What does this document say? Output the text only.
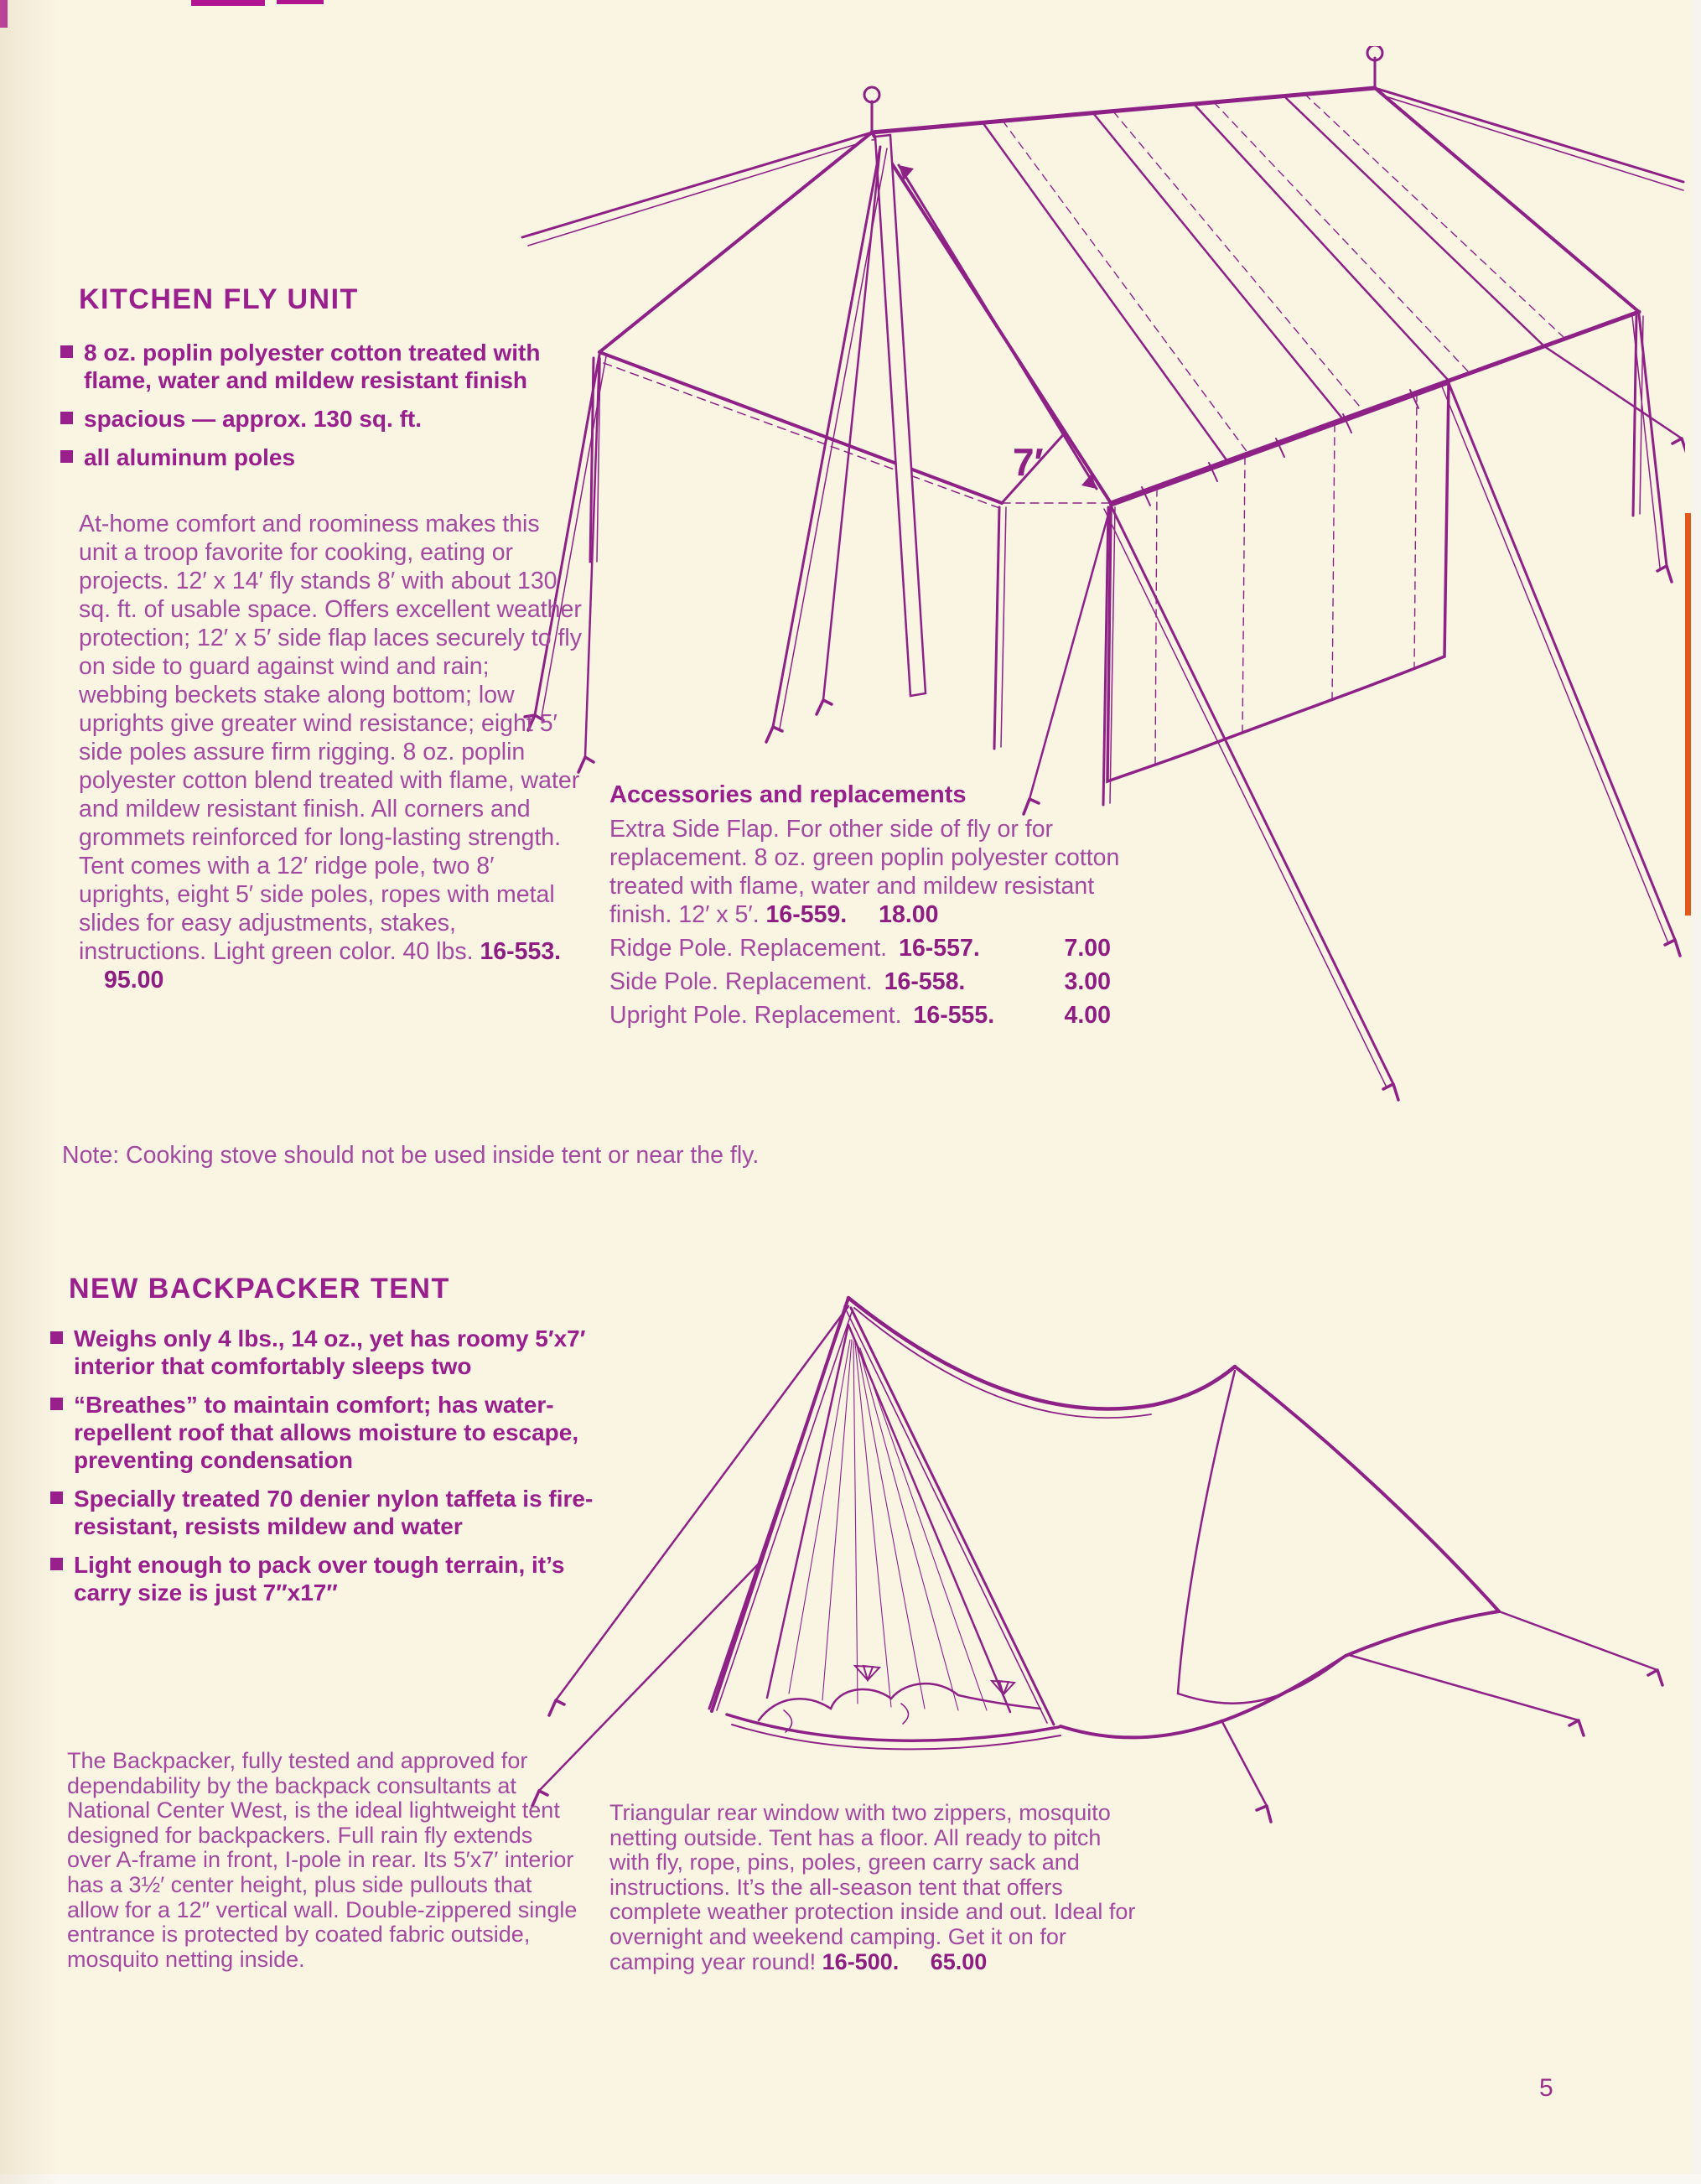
7′
KITCHEN FLY UNIT
8 oz. poplin polyester cotton treated with flame, water and mildew resistant finish
spacious — approx. 130 sq. ft.
all aluminum poles

At-home comfort and roominess makes this unit a troop favorite for cooking, eating or projects. 12′ x 14′ fly stands 8′ with about 130 sq. ft. of usable space. Offers excellent weather protection; 12′ x 5′ side flap laces securely to fly on side to guard against wind and rain; webbing beckets stake along bottom; low uprights give greater wind resistance; eight 5′ side poles assure firm rigging. 8 oz. poplin polyester cotton blend treated with flame, water and mildew resistant finish. All corners and grommets reinforced for long-lasting strength. Tent comes with a 12′ ridge pole, two 8′ uprights, eight 5′ side poles, ropes with metal slides for easy adjustments, stakes, instructions. Light green color. 40 lbs. 16-553. 95.00

Accessories and replacements

Extra Side Flap. For other side of fly or for replacement. 8 oz. green poplin polyester cotton treated with flame, water and mildew resistant finish. 12′ x 5′. 16-559. 18.00

Ridge Pole. Replacement. 16-557.	7.00
Side Pole. Replacement. 16-558.	3.00
Upright Pole. Replacement. 16-555.	4.00
Note: Cooking stove should not be used inside tent or near the fly.
NEW BACKPACKER TENT
Weighs only 4 lbs., 14 oz., yet has roomy 5′x7′ interior that comfortably sleeps two
“Breathes” to maintain comfort; has water-repellent roof that allows moisture to escape, preventing condensation
Specially treated 70 denier nylon taffeta is fire-resistant, resists mildew and water
Light enough to pack over tough terrain, it’s carry size is just 7″x17″

The Backpacker, fully tested and approved for dependability by the backpack consultants at National Center West, is the ideal lightweight tent designed for backpackers. Full rain fly extends over A-frame in front, I-pole in rear. Its 5′x7′ interior has a 3½′ center height, plus side pullouts that allow for a 12″ vertical wall. Double-zippered single entrance is protected by coated fabric outside, mosquito netting inside.

Triangular rear window with two zippers, mosquito netting outside. Tent has a floor. All ready to pitch with fly, rope, pins, poles, green carry sack and instructions. It’s the all-season tent that offers complete weather protection inside and out. Ideal for overnight and weekend camping. Get it on for camping year round! 16-500. 65.00

5
